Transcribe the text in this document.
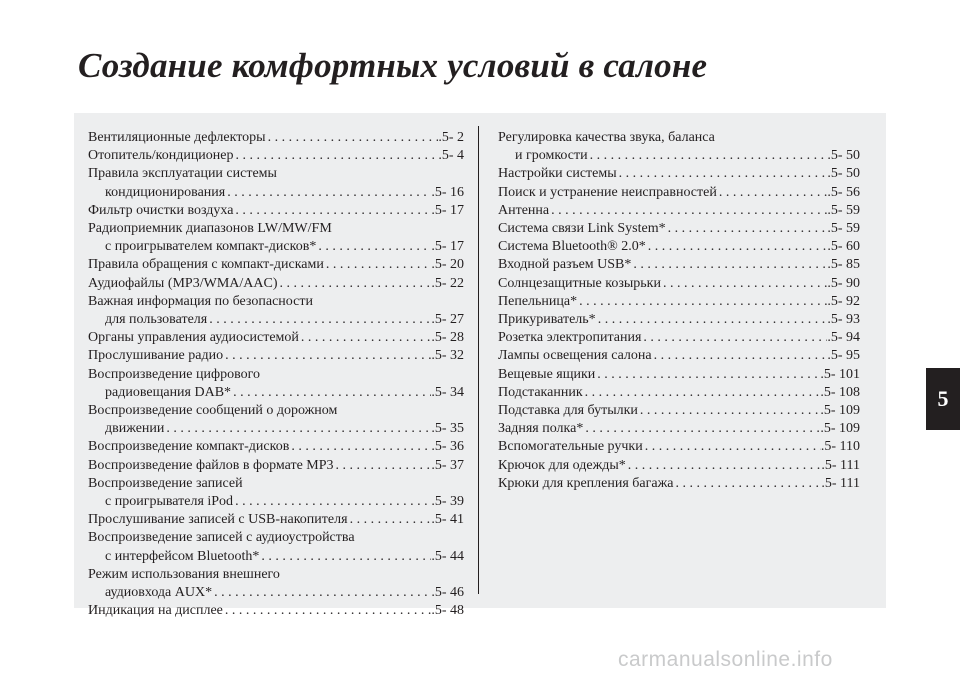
Создание комфортных условий в салоне
Вентиляционные дефлекторы . . .	.5- 2
Отопитель/кондиционер . . .	.5- 4
Правила эксплуатации системы
кондиционирования . . .	.5- 16
Фильтр очистки воздуха . . .	.5- 17
Радиоприемник диапазонов LW/MW/FM
с проигрывателем компакт-дисков* . . .	.5- 17
Правила обращения с компакт-дисками . . .	.5- 20
Аудиофайлы (MP3/WMA/AAC) . . .	.5- 22
Важная информация по безопасности
для пользователя . . .	.5- 27
Органы управления аудиосистемой . . .	.5- 28
Прослушивание радио . . .	.5- 32
Воспроизведение цифрового
радиовещания DAB* . . .	.5- 34
Воспроизведение сообщений о дорожном
движении . . .	.5- 35
Воспроизведение компакт-дисков . . .	.5- 36
Воспроизведение файлов в формате MP3 . . .	.5- 37
Воспроизведение записей
с проигрывателя iPod . . .	.5- 39
Прослушивание записей с USB-накопителя . . .	.5- 41
Воспроизведение записей с аудиоустройства
с интерфейсом Bluetooth* . . .	.5- 44
Режим использования внешнего
аудиовхода AUX* . . .	.5- 46
Индикация на дисплее . . .	.5- 48
Регулировка качества звука, баланса
и громкости . . .	.5- 50
Настройки системы . . .	.5- 50
Поиск и устранение неисправностей . . .	.5- 56
Антенна . . .	.5- 59
Система связи Link System* . . .	.5- 59
Система Bluetooth® 2.0* . . .	.5- 60
Входной разъем USB* . . .	.5- 85
Солнцезащитные козырьки . . .	.5- 90
Пепельница* . . .	.5- 92
Прикуриватель* . . .	.5- 93
Розетка электропитания . . .	.5- 94
Лампы освещения салона . . .	.5- 95
Вещевые ящики . . .	.5- 101
Подстаканник . . .	.5- 108
Подставка для бутылки . . .	.5- 109
Задняя полка* . . .	.5- 109
Вспомогательные ручки . . .	.5- 110
Крючок для одежды* . . .	.5- 111
Крюки для крепления багажа . . .	.5- 111
5
carmanualsonline.info
